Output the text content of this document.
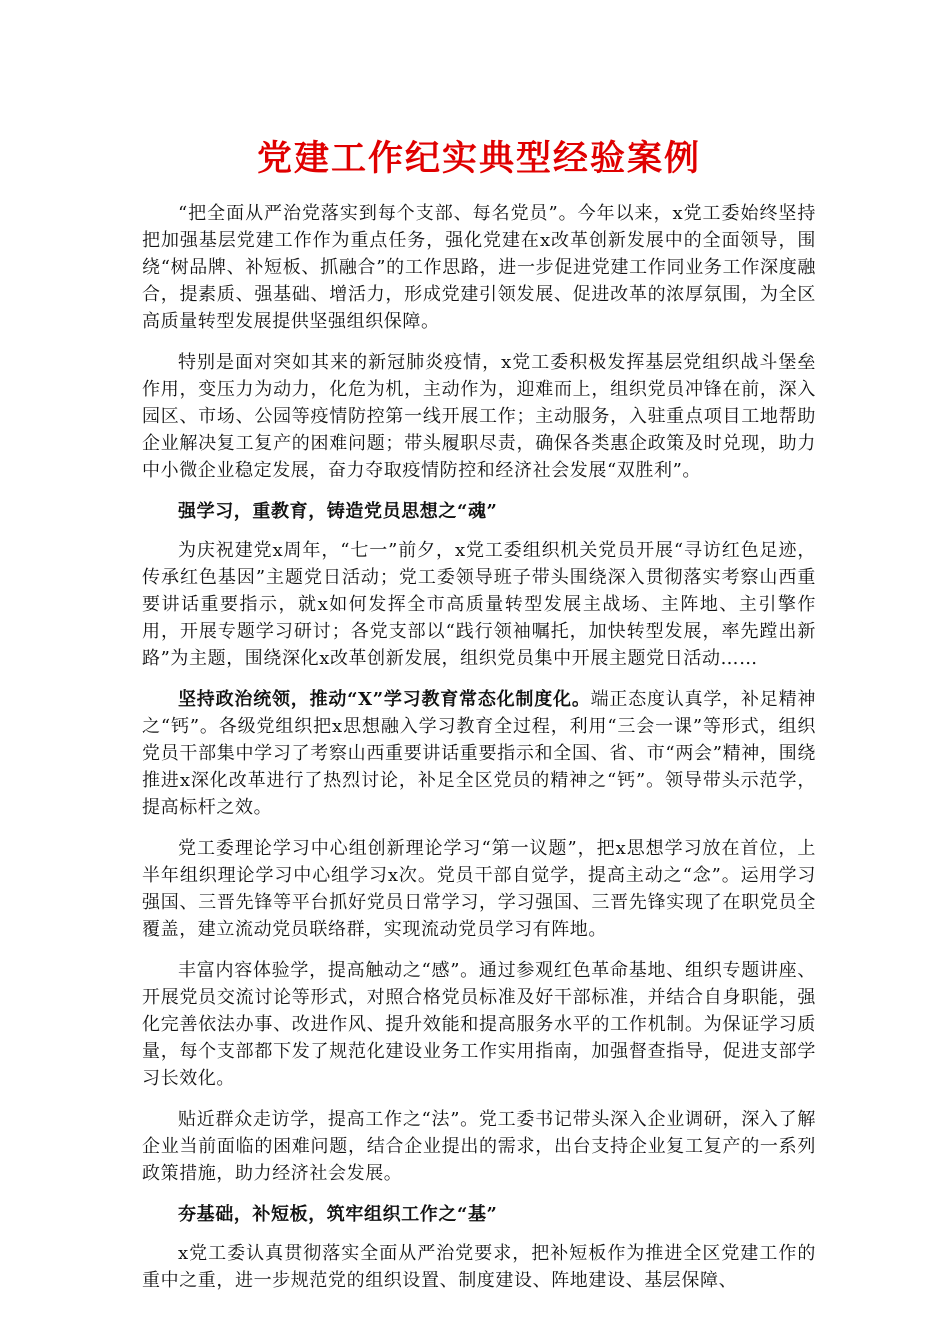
党建工作纪实典型经验案例

“把全面从严治党落实到每个支部、每名党员”。今年以来，x党工委始终坚持把加强基层党建工作作为重点任务，强化党建在x改革创新发展中的全面领导，围绕“树品牌、补短板、抓融合”的工作思路，进一步促进党建工作同业务工作深度融合，提素质、强基础、增活力，形成党建引领发展、促进改革的浓厚氛围，为全区高质量转型发展提供坚强组织保障。

特别是面对突如其来的新冠肺炎疫情，x党工委积极发挥基层党组织战斗堡垒作用，变压力为动力，化危为机，主动作为，迎难而上，组织党员冲锋在前，深入园区、市场、公园等疫情防控第一线开展工作；主动服务，入驻重点项目工地帮助企业解决复工复产的困难问题；带头履职尽责，确保各类惠企政策及时兑现，助力中小微企业稳定发展，奋力夺取疫情防控和经济社会发展“双胜利”。

强学习，重教育，铸造党员思想之“魂”

为庆祝建党x周年，“七一”前夕，x党工委组织机关党员开展“寻访红色足迹，传承红色基因”主题党日活动；党工委领导班子带头围绕深入贯彻落实考察山西重要讲话重要指示，就x如何发挥全市高质量转型发展主战场、主阵地、主引擎作用，开展专题学习研讨；各党支部以“践行领袖嘱托，加快转型发展，率先蹚出新路”为主题，围绕深化x改革创新发展，组织党员集中开展主题党日活动……

坚持政治统领，推动“X”学习教育常态化制度化。端正态度认真学，补足精神之“钙”。各级党组织把x思想融入学习教育全过程，利用“三会一课”等形式，组织党员干部集中学习了考察山西重要讲话重要指示和全国、省、市“两会”精神，围绕推进x深化改革进行了热烈讨论，补足全区党员的精神之“钙”。领导带头示范学，提高标杆之效。

党工委理论学习中心组创新理论学习“第一议题”，把x思想学习放在首位，上半年组织理论学习中心组学习x次。党员干部自觉学，提高主动之“念”。运用学习强国、三晋先锋等平台抓好党员日常学习，学习强国、三晋先锋实现了在职党员全覆盖，建立流动党员联络群，实现流动党员学习有阵地。

丰富内容体验学，提高触动之“感”。通过参观红色革命基地、组织专题讲座、开展党员交流讨论等形式，对照合格党员标准及好干部标准，并结合自身职能，强化完善依法办事、改进作风、提升效能和提高服务水平的工作机制。为保证学习质量，每个支部都下发了规范化建设业务工作实用指南，加强督查指导，促进支部学习长效化。

贴近群众走访学，提高工作之“法”。党工委书记带头深入企业调研，深入了解企业当前面临的困难问题，结合企业提出的需求，出台支持企业复工复产的一系列政策措施，助力经济社会发展。

夯基础，补短板，筑牢组织工作之“基”

x党工委认真贯彻落实全面从严治党要求，把补短板作为推进全区党建工作的重中之重，进一步规范党的组织设置、制度建设、阵地建设、基层保障、
